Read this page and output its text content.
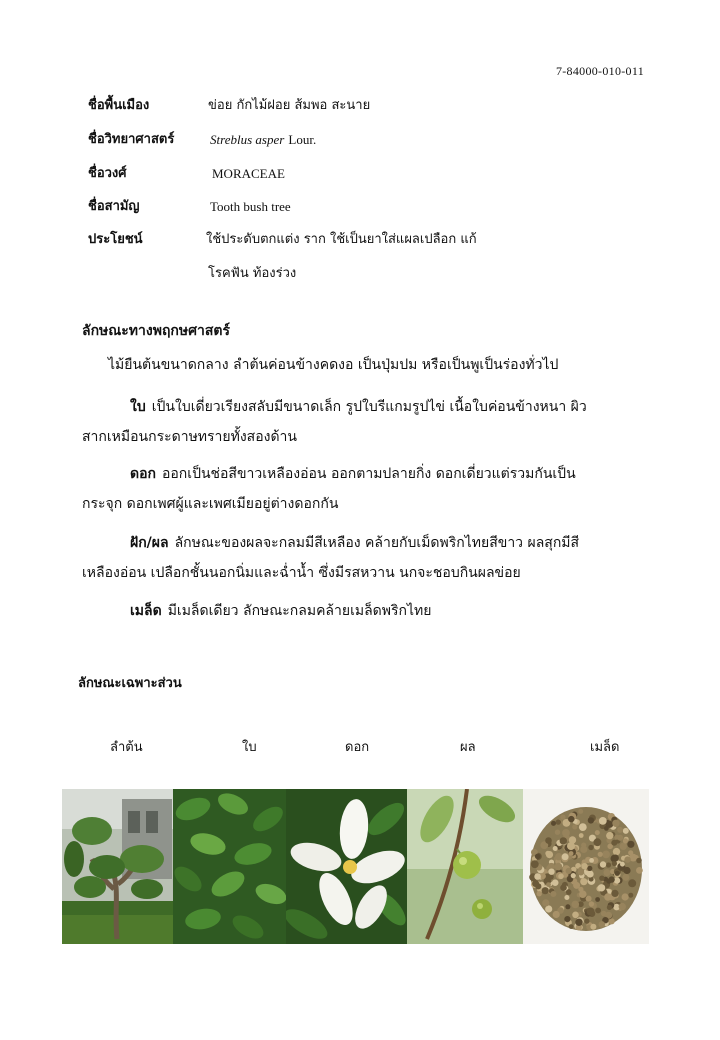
7-84000-010-011
ชื่อพื้นเมือง	ข่อย กักไม้ฝอย ส้มพอ สะนาย
ชื่อวิทยาศาสตร์	Streblus asper Lour.
ชื่อวงศ์	MORACEAE
ชื่อสามัญ	Tooth bush tree
ประโยชน์	ใช้ประดับตกแต่ง ราก ใช้เป็นยาใส่แผลเปลือก แก้
โรคฟัน ท้องร่วง
ลักษณะทางพฤกษศาสตร์
ไม้ยืนต้นขนาดกลาง ลำต้นค่อนข้างคดงอ เป็นปุ่มปม หรือเป็นพูเป็นร่องทั่วไป
ใบ เป็นใบเดี่ยวเรียงสลับมีขนาดเล็ก รูปใบรีแกมรูปไข่ เนื้อใบค่อนข้างหนา ผิว
สากเหมือนกระดาษทรายทั้งสองด้าน
ดอก ออกเป็นช่อสีขาวเหลืองอ่อน ออกตามปลายกิ่ง ดอกเดี่ยวแต่รวมกันเป็น
กระจุก ดอกเพศผู้และเพศเมียอยู่ต่างดอกกัน
ฝัก/ผล ลักษณะของผลจะกลมมีสีเหลือง คล้ายกับเม็ดพริกไทยสีขาว ผลสุกมีสี
เหลืองอ่อน เปลือกชั้นนอกนิ่มและฉ่ำน้ำ ซึ่งมีรสหวาน นกจะชอบกินผลข่อย
เมล็ด มีเมล็ดเดียว ลักษณะกลมคล้ายเมล็ดพริกไทย
ลักษณะเฉพาะส่วน
ลำต้น	ใบ	ดอก	ผล	เมล็ด
